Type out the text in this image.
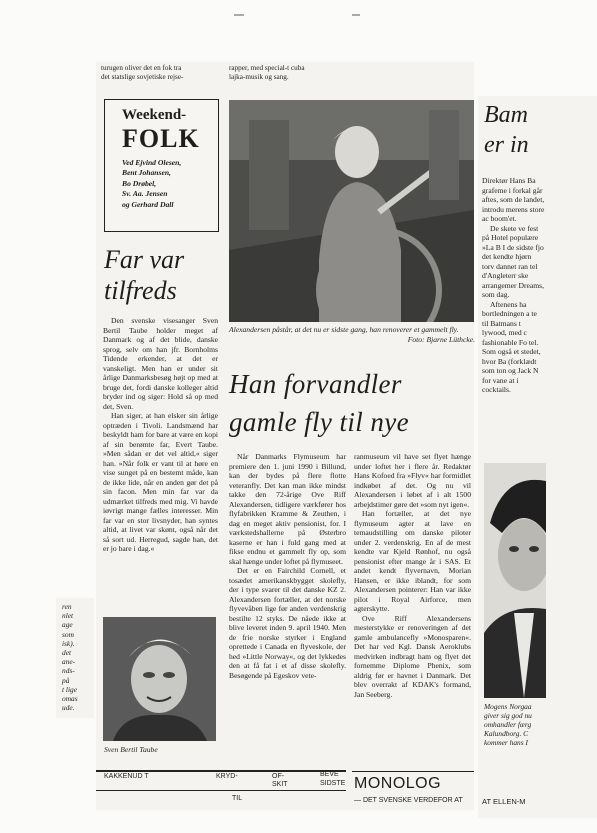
turugen oliver det en fok tra
det statslige sovjetiske rejse-
rapper, med special-t cuba
lajka-musik og sang.
Weekend-
FOLK
Ved Ejvind Olesen,
Bent Johansen,
Bo Drøbel,
Sv. Aa. Jensen
og Gerhard Dall
Far var
tilfreds

Den svenske visesanger Sven Bertil Taube holder meget af Danmark og af det blide, danske sprog, selv om han jfr. Bornholms Tidende erkender, at det er vanskeligt. Men han er under sit årlige Danmarksbesøg højt op med at bruge det, fordi danske kolleger altid bryder ind og siger: Hold så op med det, Sven.

Han siger, at han elsker sin årlige optræden i Tivoli. Landsmænd har beskyldt ham for bare at være en kopi af sin berømte far, Evert Taube. »Men sådan er det vel altid,« siger han. »Når folk er vant til at høre en vise sunget på en bestemt måde, kan de ikke lide, når en anden gør det på sin facon. Men min far var da udmærket tilfreds med mig. Vi havde iøvrigt mange fælles interesser. Min far var en stor livsnyder, han syntes altid, at livet var skønt, også når det så sort ud. Herregud, sagde han, det er jo bare i dag.«

Sven Bertil Taube
Alexandersen påstår, at det nu er sidste gang, han renoverer et gammelt fly.
Foto: Bjarne Lüthcke.
Han forvandler
gamle fly til nye

Når Danmarks Flymuseum har premiere den 1. juni 1990 i Billund, kan der bydes på flere flotte veteranfly. Det kan man ikke mindst takke den 72-årige Ove Riff Alexandersen, tidligere værkfører hos flyfabrikken Kramme & Zeuthen, i dag en meget aktiv pensionist, for. I værkstedshallerne på Østerbro kaserne er han i fuld gang med at fikse endnu et gammelt fly op, som skal hænge under loftet på flymuseet.

Det er en Fairchild Cornell, et tosædet amerikanskbygget skolefly, der i type svarer til det danske KZ 2. Alexandersen fortæller, at det norske flyvevåben lige før anden verdenskrig bestilte 12 styks. De nåede ikke at blive leveret inden 9. april 1940. Men de frie norske styrker i England oprettede i Canada en flyveskole, der hed »Little Norway«, og det lykkedes den at få fat i et af disse skolefly. Besøgende på Egeskov vete-

ranmuseum vil have set flyet hænge under loftet her i flere år. Redaktør Hans Kofoed fra »Flyv« har formidlet indkøbet af det. Og nu vil Alexandersen i løbet af i alt 1500 arbejdstimer gøre det »som nyt igen«.

Han fortæller, at det nye flymuseum agter at lave en temaudstilling om danske piloter under 2. verdenskrig. En af de mest kendte var Kjeld Rønhof, nu også pensionist efter mange år i SAS. Et andet kendt flyvernavn, Morian Hansen, er ikke iblandt, for som Alexandersen pointerer: Han var ikke pilot i Royal Airforce, men agterskytte.

Ove Riff Alexandersens mesterstykke er renoveringen af det gamle ambulancefly »Monosparen«. Det har ved Kgl. Dansk Aeroklubs medvirken indbragt ham og flyet det fornemme Diplome Phenix, som aldrig før er havnet i Danmark. Det blev overrakt af KDAK's formand, Jan Seeberg.

Bam
er in

Direktør Hans Ba grafeme i forkal går aftes, som de landet, introdu merens store ac boom'et.

De skete ve fest på Hotel populære »La B I de sidste fjo det kendte hjørn torv dannet ran tel d'Angleterr ske arrangemer Dreams, som dag.

Aftenens ha bortledningen a te til Batmans t lywood, med c fashionable Fo tel. Som også et stedet, hvor Ba (forklædt som ton og Jack N for vane at i cocktails.

Mogens Norgaa giver sig god nu omhandler færg Kalundborg. C kommer hans I
ren
nlet
age
som
isk).
det
ane-
nds-
på
t lige
omas
ude.
KAKKENUD T	KRYD-	OF-
SKIT
BEVE
SIDSTE
TIL
MONOLOG
— DET SVENSKE VERDEFOR AT	AT ELLEN-M
